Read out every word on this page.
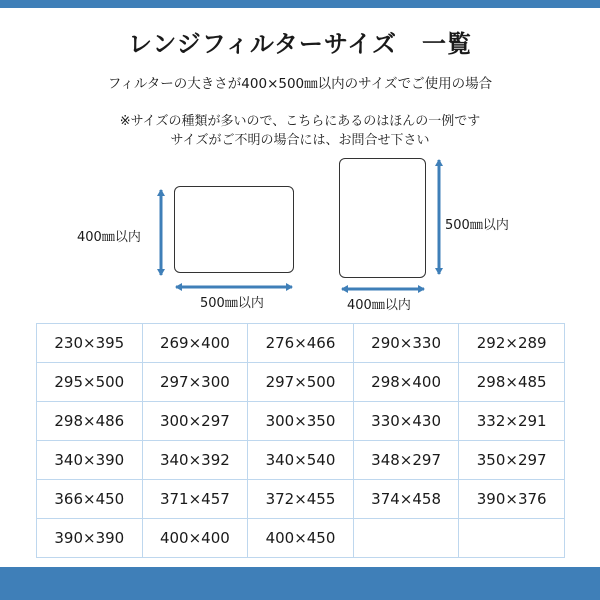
レンジフィルターサイズ　一覧
フィルターの大きさが400×500㎜以内のサイズでご使用の場合
※サイズの種類が多いので、こちらにあるのはほんの一例です
サイズがご不明の場合には、お問合せ下さい
400㎜以内
500㎜以内
500㎜以内
400㎜以内
230×395	269×400	276×466	290×330	292×289
295×500	297×300	297×500	298×400	298×485
298×486	300×297	300×350	330×430	332×291
340×390	340×392	340×540	348×297	350×297
366×450	371×457	372×455	374×458	390×376
390×390	400×400	400×450		
